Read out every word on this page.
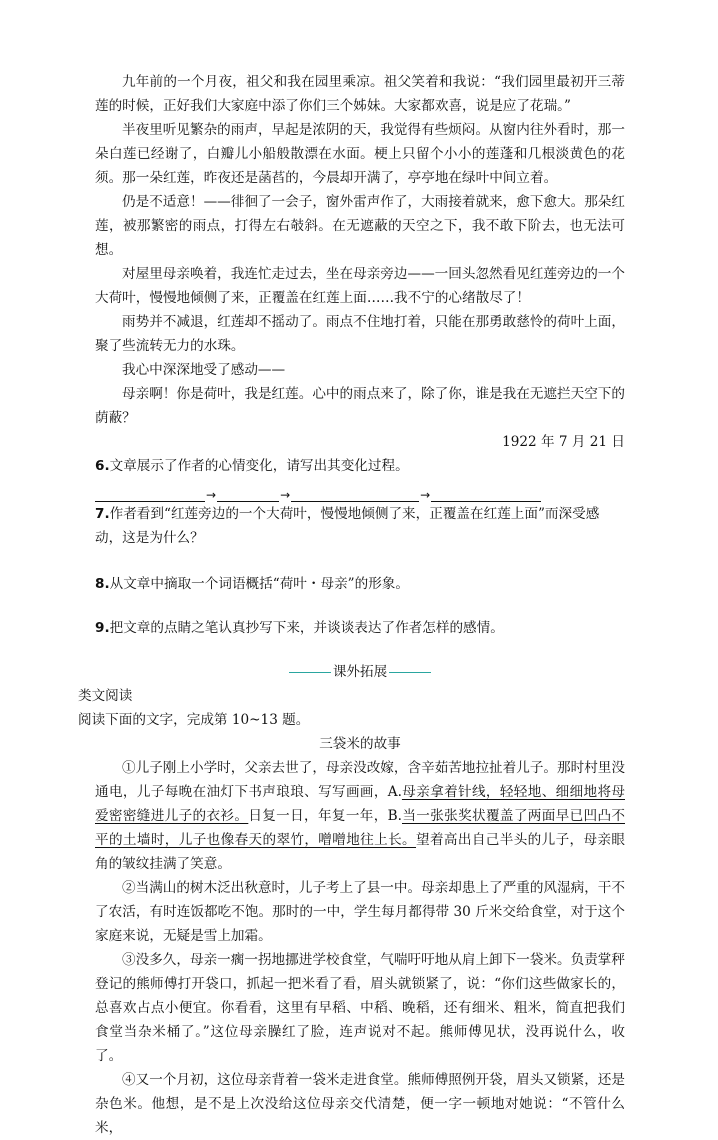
九年前的一个月夜，祖父和我在园里乘凉。祖父笑着和我说：“我们园里最初开三蒂莲的时候，正好我们大家庭中添了你们三个姊妹。大家都欢喜，说是应了花瑞。”

半夜里听见繁杂的雨声，早起是浓阴的天，我觉得有些烦闷。从窗内往外看时，那一朵白莲已经谢了，白瓣儿小船般散漂在水面。梗上只留个小小的莲蓬和几根淡黄色的花须。那一朵红莲，昨夜还是菡萏的，今晨却开满了，亭亭地在绿叶中间立着。

仍是不适意！——徘徊了一会子，窗外雷声作了，大雨接着就来，愈下愈大。那朵红莲，被那繁密的雨点，打得左右攲斜。在无遮蔽的天空之下，我不敢下阶去，也无法可想。

对屋里母亲唤着，我连忙走过去，坐在母亲旁边——一回头忽然看见红莲旁边的一个大荷叶，慢慢地倾侧了来，正覆盖在红莲上面……我不宁的心绪散尽了！

雨势并不减退，红莲却不摇动了。雨点不住地打着，只能在那勇敢慈怜的荷叶上面，聚了些流转无力的水珠。

我心中深深地受了感动——

母亲啊！你是荷叶，我是红莲。心中的雨点来了，除了你，谁是我在无遮拦天空下的荫蔽？

1922 年 7 月 21 日

6.文章展示了作者的心情变化，请写出其变化过程。

→	→	→

7.作者看到“红莲旁边的一个大荷叶，慢慢地倾侧了来，正覆盖在红莲上面”而深受感动，这是为什么？

8.从文章中摘取一个词语概括“荷叶・母亲”的形象。

9.把文章的点睛之笔认真抄写下来，并谈谈表达了作者怎样的感情。

课外拓展

类文阅读

阅读下面的文字，完成第 10~13 题。

三袋米的故事

①儿子刚上小学时，父亲去世了，母亲没改嫁，含辛茹苦地拉扯着儿子。那时村里没通电，儿子每晚在油灯下书声琅琅、写写画画，A.母亲拿着针线，轻轻地、细细地将母爱密密缝进儿子的衣衫。日复一日，年复一年，B.当一张张奖状覆盖了两面早已凹凸不平的土墙时，儿子也像春天的翠竹，噌噌地往上长。望着高出自己半头的儿子，母亲眼角的皱纹挂满了笑意。

②当满山的树木泛出秋意时，儿子考上了县一中。母亲却患上了严重的风湿病，干不了农活，有时连饭都吃不饱。那时的一中，学生每月都得带 30 斤米交给食堂，对于这个家庭来说，无疑是雪上加霜。

③没多久，母亲一瘸一拐地挪进学校食堂，气喘吁吁地从肩上卸下一袋米。负责掌秤登记的熊师傅打开袋口，抓起一把米看了看，眉头就锁紧了，说：“你们这些做家长的，总喜欢占点小便宜。你看看，这里有早稻、中稻、晚稻，还有细米、粗米，简直把我们食堂当杂米桶了。”这位母亲臊红了脸，连声说对不起。熊师傅见状，没再说什么，收了。

④又一个月初，这位母亲背着一袋米走进食堂。熊师傅照例开袋，眉头又锁紧，还是杂色米。他想，是不是上次没给这位母亲交代清楚，便一字一顿地对她说：“不管什么米，
